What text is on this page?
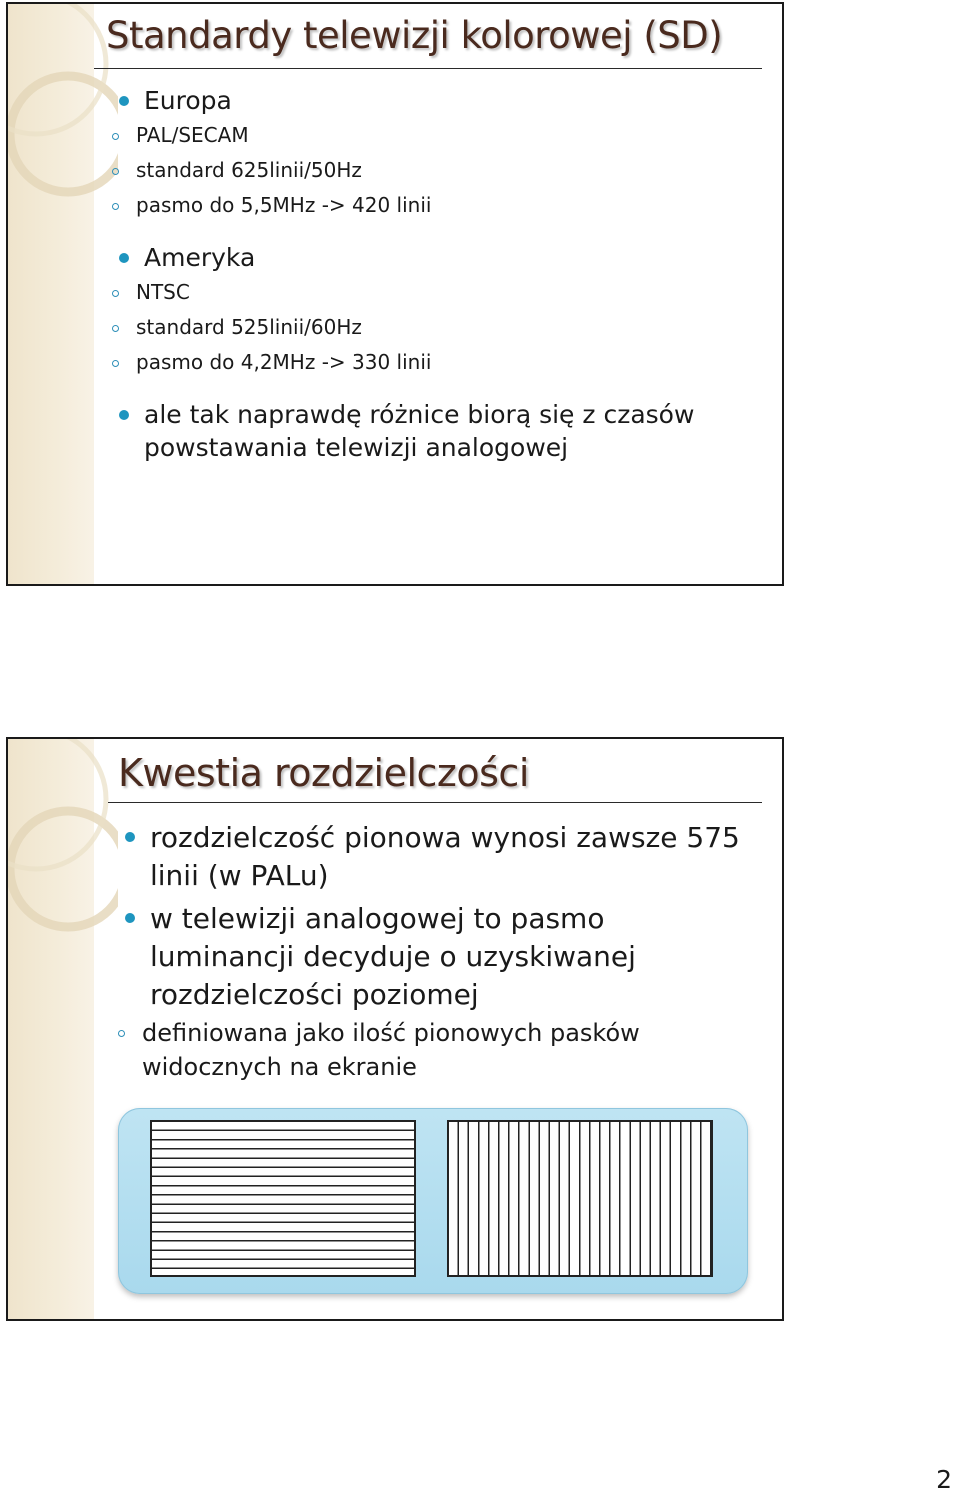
Standardy telewizji kolorowej (SD)
Europa
PAL/SECAM
standard 625linii/50Hz
pasmo do 5,5MHz -> 420 linii
Ameryka
NTSC
standard 525linii/60Hz
pasmo do 4,2MHz -> 330 linii
ale tak naprawdę różnice biorą się z czasów powstawania telewizji analogowej
Kwestia rozdzielczości
rozdzielczość pionowa wynosi zawsze 575 linii (w PALu)
w telewizji analogowej to pasmo luminancji decyduje o uzyskiwanej rozdzielczości poziomej
definiowana jako ilość pionowych pasków widocznych na ekranie
2
